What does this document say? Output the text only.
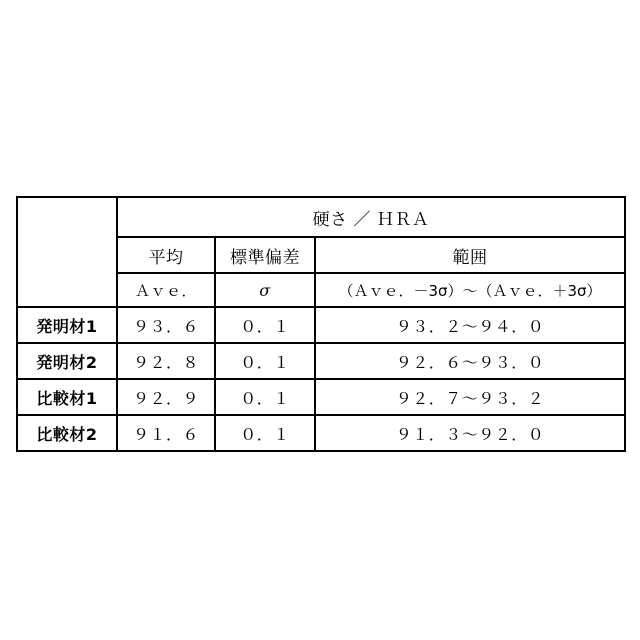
	硬さ ／ ＨＲＡ		
	平均	標準偏差	範囲
	Ａｖｅ．	σ	（Ａｖｅ．－3σ）〜（Ａｖｅ．＋3σ）
発明材1	９３．６	０．１	９３．２〜９４．０
発明材2	９２．８	０．１	９２．６〜９３．０
比較材1	９２．９	０．１	９２．７〜９３．２
比較材2	９１．６	０．１	９１．３〜９２．０
